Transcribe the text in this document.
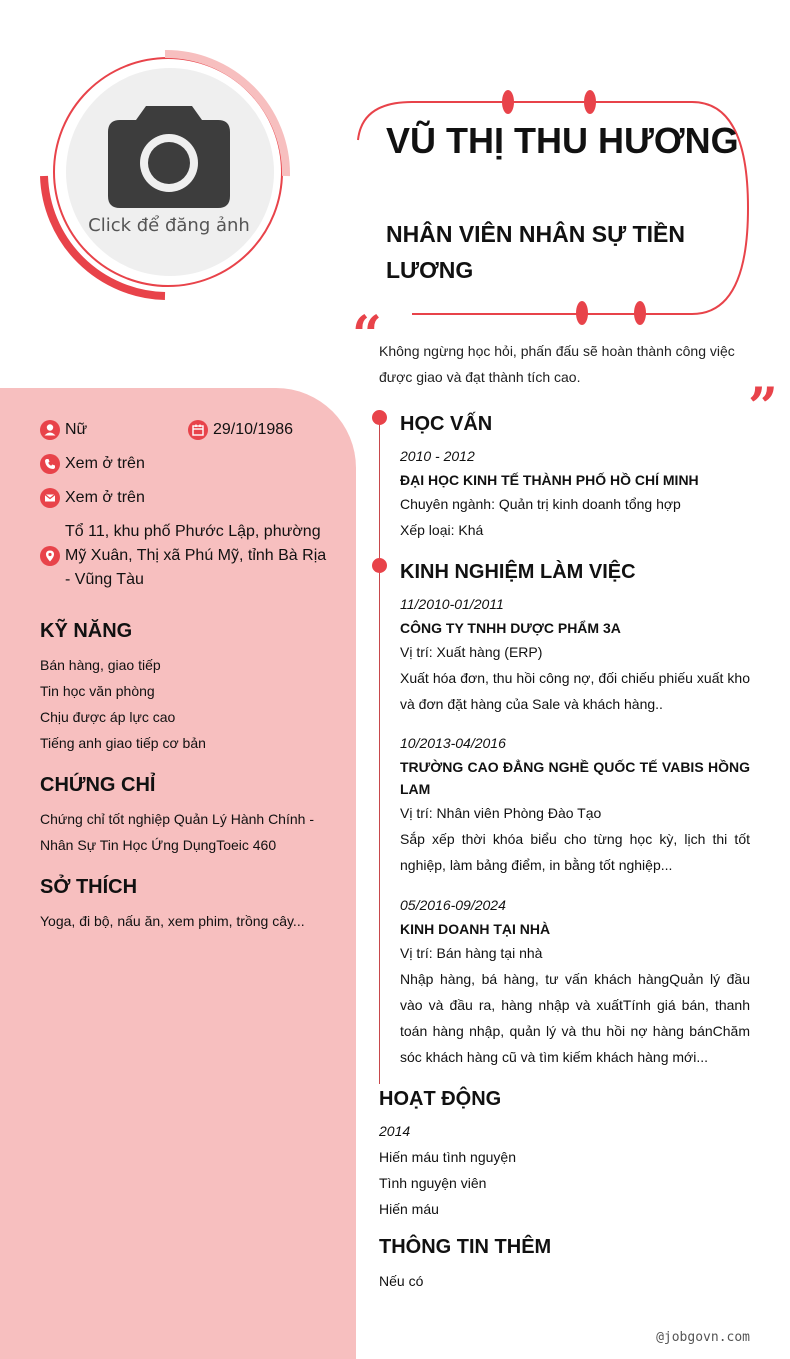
Click để đăng ảnh
VŨ THỊ THU HƯƠNG
NHÂN VIÊN NHÂN SỰ TIỀN LƯƠNG
“
Không ngừng học hỏi, phấn đấu sẽ hoàn thành công việc được giao và đạt thành tích cao.	”
Nữ	29/10/1986
Xem ở trên
Xem ở trên
Tổ 11, khu phố Phước Lập, phường Mỹ Xuân, Thị xã Phú Mỹ, tỉnh Bà Rịa - Vũng Tàu
KỸ NĂNG
Bán hàng, giao tiếp
Tin học văn phòng
Chịu được áp lực cao
Tiếng anh giao tiếp cơ bản
CHỨNG CHỈ
Chứng chỉ tốt nghiệp Quản Lý Hành Chính - Nhân Sự Tin Học Ứng DụngToeic 460
SỞ THÍCH
Yoga, đi bộ, nấu ăn, xem phim, trồng cây...
HỌC VẤN
2010 - 2012
ĐẠI HỌC KINH TẾ THÀNH PHỐ HỒ CHÍ MINH
Chuyên ngành: Quản trị kinh doanh tổng hợp
Xếp loại: Khá
KINH NGHIỆM LÀM VIỆC
11/2010-01/2011
CÔNG TY TNHH DƯỢC PHẨM 3A
Vị trí: Xuất hàng (ERP)
Xuất hóa đơn, thu hồi công nợ, đối chiếu phiếu xuất kho và đơn đặt hàng của Sale và khách hàng..
10/2013-04/2016
TRƯỜNG CAO ĐẲNG NGHỀ QUỐC TẾ VABIS HỒNG LAM
Vị trí: Nhân viên Phòng Đào Tạo
Sắp xếp thời khóa biểu cho từng học kỳ, lịch thi tốt nghiệp, làm bảng điểm, in bằng tốt nghiệp...
05/2016-09/2024
KINH DOANH TẠI NHÀ
Vị trí: Bán hàng tại nhà
Nhập hàng, bá hàng, tư vấn khách hàngQuản lý đầu vào và đầu ra, hàng nhập và xuấtTính giá bán, thanh toán hàng nhập, quản lý và thu hồi nợ hàng bánChăm sóc khách hàng cũ và tìm kiếm khách hàng mới...
HOẠT ĐỘNG
2014
Hiến máu tình nguyện
Tình nguyện viên
Hiến máu
THÔNG TIN THÊM
Nếu có
@jobgovn.com
